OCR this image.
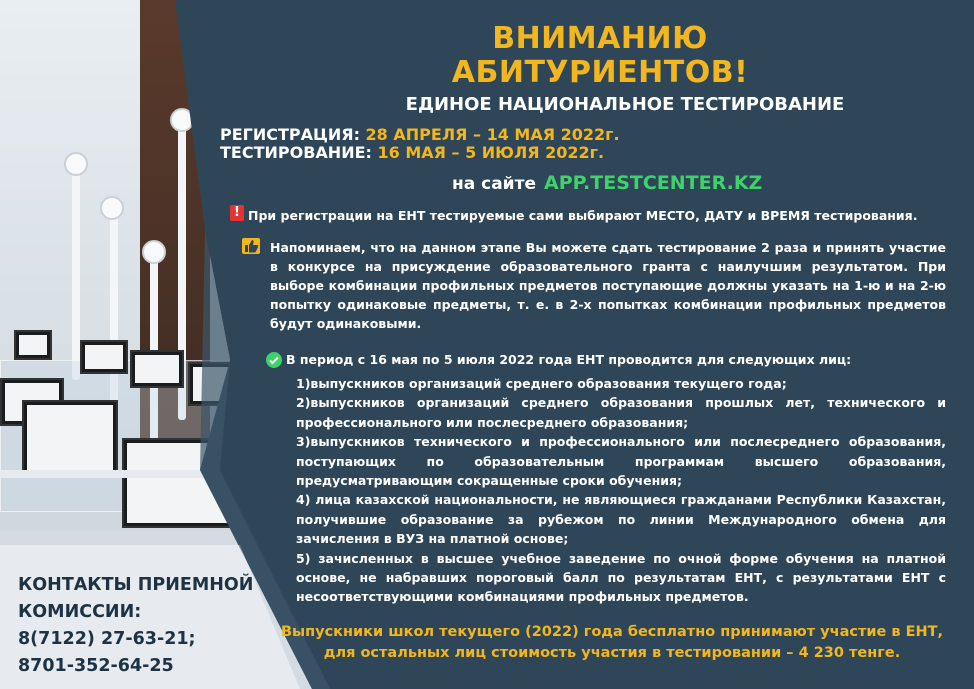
ВНИМАНИЮ
АБИТУРИЕНТОВ!
ЕДИНОЕ НАЦИОНАЛЬНОЕ ТЕСТИРОВАНИЕ
РЕГИСТРАЦИЯ: 28 АПРЕЛЯ – 14 МАЯ 2022г.
ТЕСТИРОВАНИЕ: 16 МАЯ – 5 ИЮЛЯ 2022г.
на сайте APP.TESTCENTER.KZ
! При регистрации на ЕНТ тестируемые сами выбирают МЕСТО, ДАТУ и ВРЕМЯ тестирования.
Напоминаем, что на данном этапе Вы можете сдать тестирование 2 раза и принять участие в конкурсе на присуждение образовательного гранта с наилучшим результатом. При выборе комбинации профильных предметов поступающие должны указать на 1-ю и на 2-ю попытку одинаковые предметы, т. е. в 2-х попытках комбинации профильных предметов будут одинаковыми.
В период с 16 мая по 5 июля 2022 года ЕНТ проводится для следующих лиц:
1)выпускников организаций среднего образования текущего года;
2)выпускников организаций среднего образования прошлых лет, технического и профессионального или послесреднего образования;
3)выпускников технического и профессионального или послесреднего образования, поступающих по образовательным программам высшего образования, предусматривающим сокращенные сроки обучения;
4) лица казахской национальности, не являющиеся гражданами Республики Казахстан, получившие образование за рубежом по линии Международного обмена для зачисления в ВУЗ на платной основе;
5) зачисленных в высшее учебное заведение по очной форме обучения на платной основе, не набравших пороговый балл по результатам ЕНТ, с результатами ЕНТ с несоответствующими комбинациями профильных предметов.
КОНТАКТЫ ПРИЕМНОЙ
КОМИССИИ:
8(7122) 27-63-21;
8701-352-64-25
Выпускники школ текущего (2022) года бесплатно принимают участие в ЕНТ,
для остальных лиц стоимость участия в тестировании – 4 230 тенге.
